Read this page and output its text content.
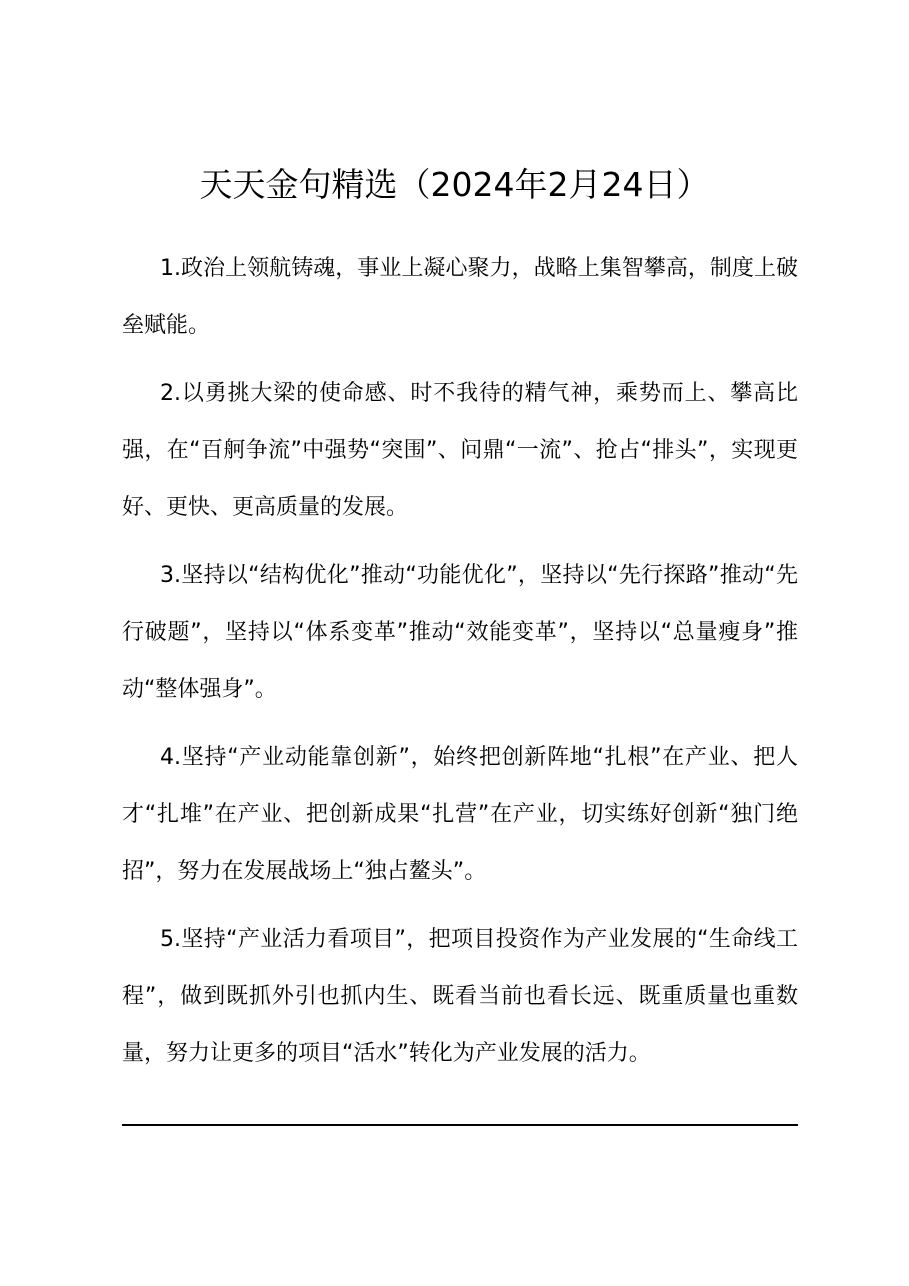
天天金句精选（2024年2月24日）

1.政治上领航铸魂，事业上凝心聚力，战略上集智攀高，制度上破垒赋能。

2.以勇挑大梁的使命感、时不我待的精气神，乘势而上、攀高比强，在“百舸争流”中强势“突围”、问鼎“一流”、抢占“排头”，实现更好、更快、更高质量的发展。

3.坚持以“结构优化”推动“功能优化”，坚持以“先行探路”推动“先行破题”，坚持以“体系变革”推动“效能变革”，坚持以“总量瘦身”推动“整体强身”。

4.坚持“产业动能靠创新”，始终把创新阵地“扎根”在产业、把人才“扎堆”在产业、把创新成果“扎营”在产业，切实练好创新“独门绝招”，努力在发展战场上“独占鳌头”。

5.坚持“产业活力看项目”，把项目投资作为产业发展的“生命线工程”，做到既抓外引也抓内生、既看当前也看长远、既重质量也重数量，努力让更多的项目“活水”转化为产业发展的活力。
